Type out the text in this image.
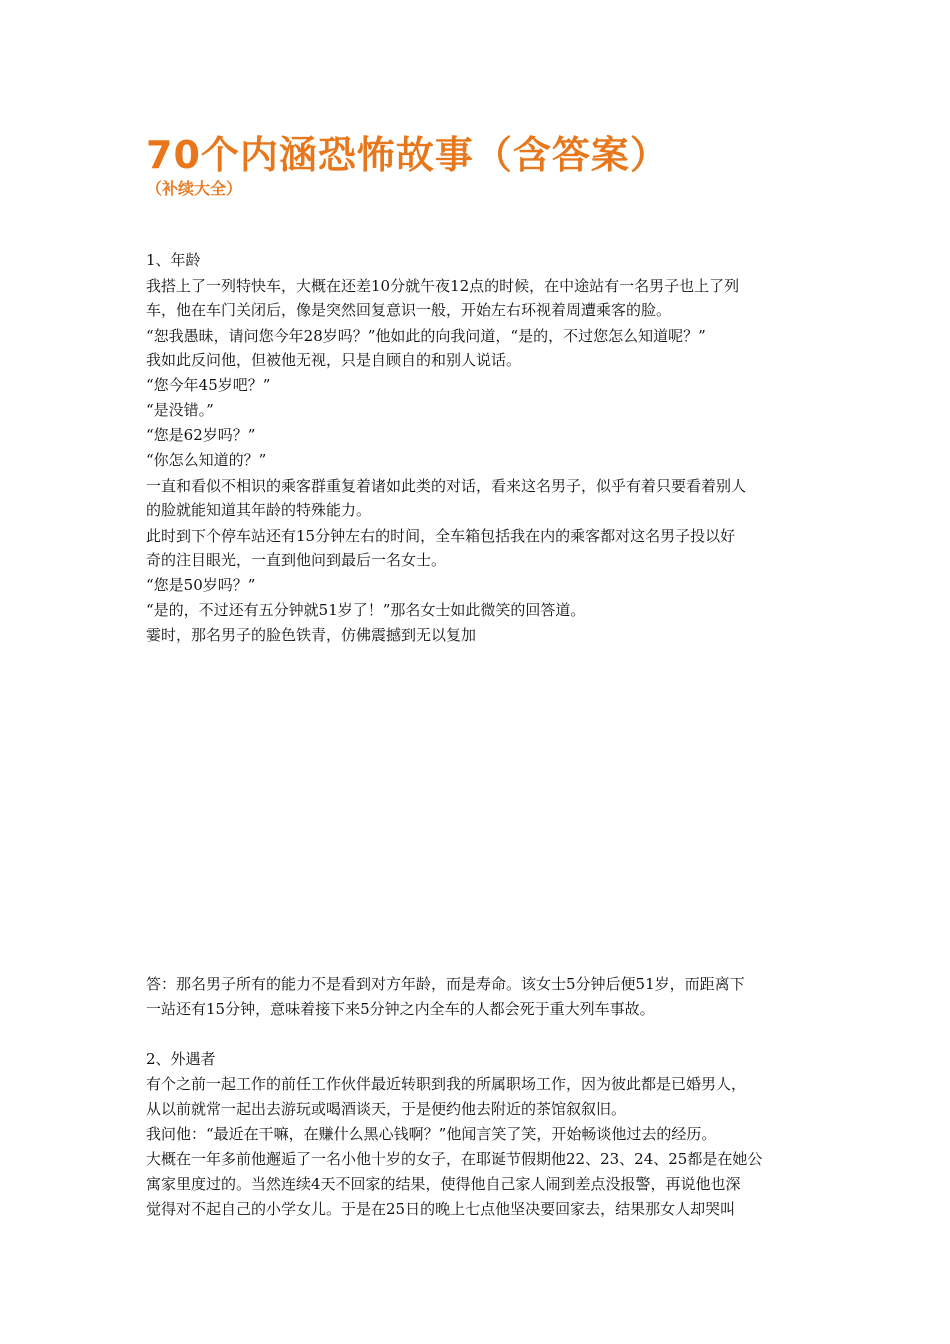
70个内涵恐怖故事（含答案）
（补续大全）
1、年龄
我搭上了一列特快车，大概在还差10分就午夜12点的时候，在中途站有一名男子也上了列
车，他在车门关闭后，像是突然回复意识一般，开始左右环视着周遭乘客的脸。
“恕我愚昧，请问您今年28岁吗？”他如此的向我问道，“是的，不过您怎么知道呢？”
我如此反问他，但被他无视，只是自顾自的和别人说话。
“您今年45岁吧？”
“是没错。”
“您是62岁吗？”
“你怎么知道的？”
一直和看似不相识的乘客群重复着诸如此类的对话，看来这名男子，似乎有着只要看着别人
的脸就能知道其年龄的特殊能力。
此时到下个停车站还有15分钟左右的时间，全车箱包括我在内的乘客都对这名男子投以好
奇的注目眼光，一直到他问到最后一名女士。
“您是50岁吗？”
“是的，不过还有五分钟就51岁了！”那名女士如此微笑的回答道。
霎时，那名男子的脸色铁青，仿佛震撼到无以复加
答：那名男子所有的能力不是看到对方年龄，而是寿命。该女士5分钟后便51岁，而距离下
一站还有15分钟，意味着接下来5分钟之内全车的人都会死于重大列车事故。
2、外遇者
有个之前一起工作的前任工作伙伴最近转职到我的所属职场工作，因为彼此都是已婚男人，
从以前就常一起出去游玩或喝酒谈天，于是便约他去附近的茶馆叙叙旧。
我问他：“最近在干嘛，在赚什么黑心钱啊？”他闻言笑了笑，开始畅谈他过去的经历。
大概在一年多前他邂逅了一名小他十岁的女子，在耶诞节假期他22、23、24、25都是在她公
寓家里度过的。当然连续4天不回家的结果，使得他自己家人闹到差点没报警，再说他也深
觉得对不起自己的小学女儿。于是在25日的晚上七点他坚决要回家去，结果那女人却哭叫
